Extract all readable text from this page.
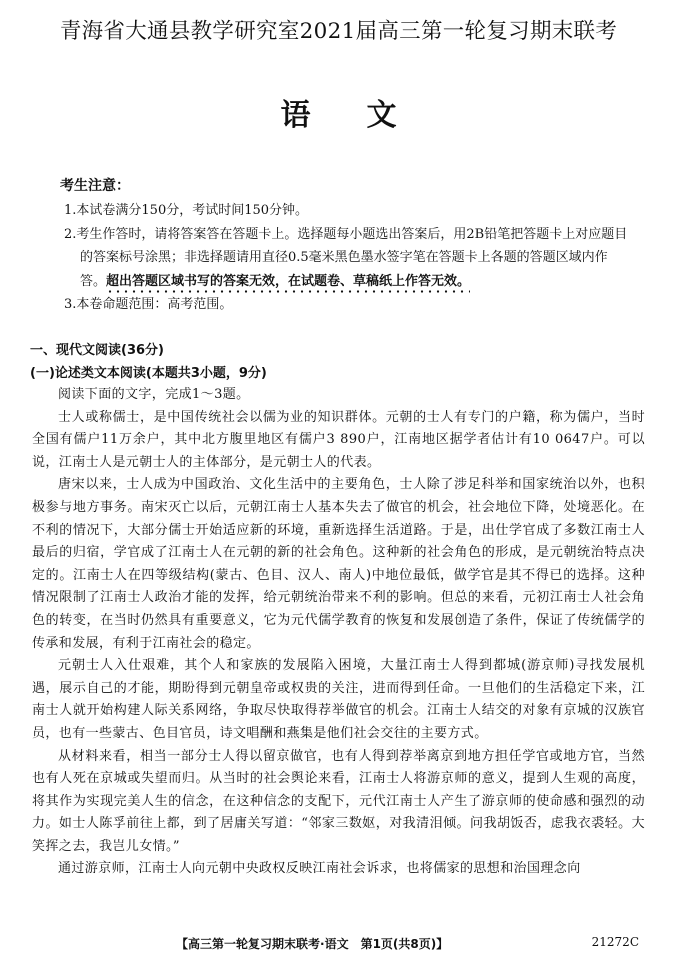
青海省大通县教学研究室2021届高三第一轮复习期末联考
语 文
考生注意：
1.本试卷满分150分，考试时间150分钟。
2.考生作答时，请将答案答在答题卡上。选择题每小题选出答案后，用2B铅笔把答题卡上对应题目的答案标号涂黑；非选择题请用直径0.5毫米黑色墨水签字笔在答题卡上各题的答题区域内作答。超出答题区域书写的答案无效，在试题卷、草稿纸上作答无效。
3.本卷命题范围：高考范围。
一、现代文阅读(36分)
(一)论述类文本阅读(本题共3小题，9分)

阅读下面的文字，完成1～3题。

士人或称儒士，是中国传统社会以儒为业的知识群体。元朝的士人有专门的户籍，称为儒户，当时全国有儒户11万余户，其中北方腹里地区有儒户3 890户，江南地区据学者估计有10 0647户。可以说，江南士人是元朝士人的主体部分，是元朝士人的代表。

唐宋以来，士人成为中国政治、文化生活中的主要角色，士人除了涉足科举和国家统治以外，也积极参与地方事务。南宋灭亡以后，元朝江南士人基本失去了做官的机会，社会地位下降，处境恶化。在不利的情况下，大部分儒士开始适应新的环境，重新选择生活道路。于是，出仕学官成了多数江南士人最后的归宿，学官成了江南士人在元朝的新的社会角色。这种新的社会角色的形成，是元朝统治特点决定的。江南士人在四等级结构(蒙古、色目、汉人、南人)中地位最低，做学官是其不得已的选择。这种情况限制了江南士人政治才能的发挥，给元朝统治带来不利的影响。但总的来看，元初江南士人社会角色的转变，在当时仍然具有重要意义，它为元代儒学教育的恢复和发展创造了条件，保证了传统儒学的传承和发展，有利于江南社会的稳定。

元朝士人入仕艰难，其个人和家族的发展陷入困境，大量江南士人得到都城(游京师)寻找发展机遇，展示自己的才能，期盼得到元朝皇帝或权贵的关注，进而得到任命。一旦他们的生活稳定下来，江南士人就开始构建人际关系网络，争取尽快取得荐举做官的机会。江南士人结交的对象有京城的汉族官员，也有一些蒙古、色目官员，诗文唱酬和燕集是他们社会交往的主要方式。

从材料来看，相当一部分士人得以留京做官，也有人得到荐举离京到地方担任学官或地方官，当然也有人死在京城或失望而归。从当时的社会舆论来看，江南士人将游京师的意义，提到人生观的高度，将其作为实现完美人生的信念，在这种信念的支配下，元代江南士人产生了游京师的使命感和强烈的动力。如士人陈孚前往上都，到了居庸关写道：“邻家三数妪，对我清泪倾。问我胡饭否，虑我衣裘轻。大笑挥之去，我岂儿女情。”

通过游京师，江南士人向元朝中央政权反映江南社会诉求，也将儒家的思想和治国理念向

【高三第一轮复习期末联考·语文　第1页(共8页)】	21272C
